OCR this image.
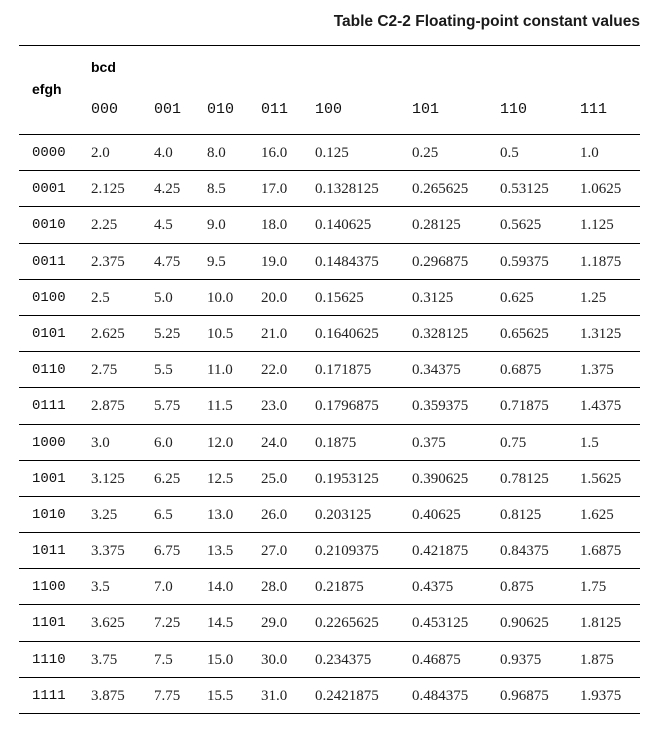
Table C2-2 Floating-point constant values
efgh
bcd
000 001 010 011 100	101	110	111
0000 2.0	4.0 8.0 16.0 0.125	0.25	0.5	1.0
0001 2.125 4.25 8.5 17.0 0.1328125 0.265625 0.53125 1.0625
0010 2.25 4.5 9.0 18.0 0.140625	0.28125	0.5625	1.125
0011 2.375 4.75 9.5 19.0 0.1484375 0.296875 0.59375 1.1875
0100 2.5	5.0 10.0 20.0 0.15625	0.3125	0.625	1.25
0101 2.625 5.25 10.5 21.0 0.1640625 0.328125 0.65625 1.3125
0110 2.75 5.5 11.0 22.0 0.171875	0.34375	0.6875	1.375
0111 2.875 5.75 11.5 23.0 0.1796875 0.359375 0.71875 1.4375
1000 3.0	6.0 12.0 24.0 0.1875	0.375	0.75	1.5
1001 3.125 6.25 12.5 25.0 0.1953125 0.390625 0.78125 1.5625
1010 3.25 6.5 13.0 26.0 0.203125	0.40625	0.8125	1.625
1011 3.375 6.75 13.5 27.0 0.2109375 0.421875 0.84375 1.6875
1100 3.5	7.0 14.0 28.0 0.21875	0.4375	0.875	1.75
1101 3.625 7.25 14.5 29.0 0.2265625 0.453125 0.90625 1.8125
1110 3.75 7.5 15.0 30.0 0.234375	0.46875	0.9375	1.875
1111 3.875 7.75 15.5 31.0 0.2421875 0.484375 0.96875 1.9375
